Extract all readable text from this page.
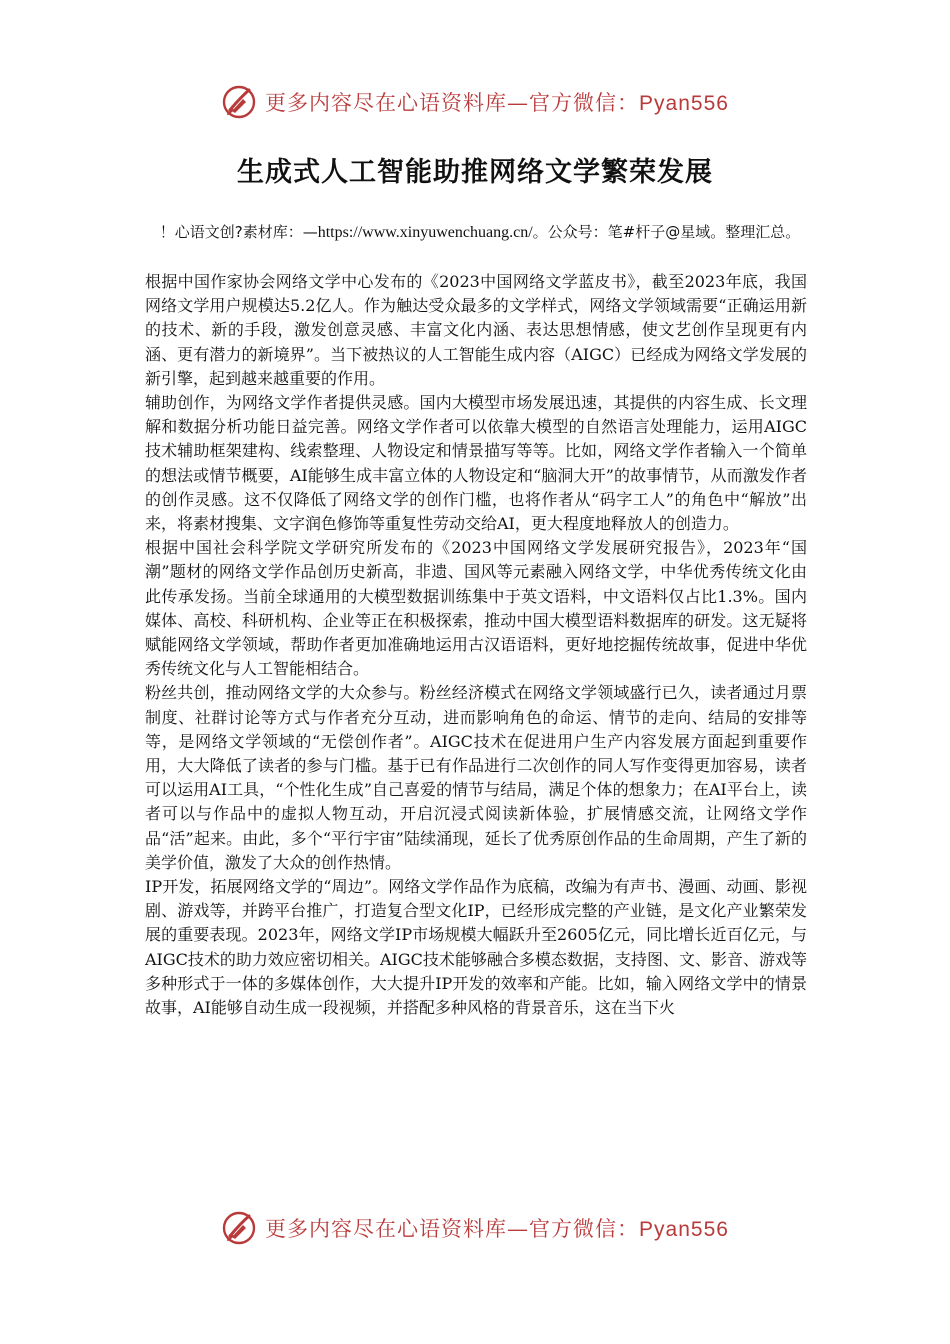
更多内容尽在心语资料库—官方微信：Pyan556
生成式人工智能助推网络文学繁荣发展
！心语文创?素材库：—https://www.xinyuwenchuang.cn/。公众号：笔#杆子@星域。整理汇总。

根据中国作家协会网络文学中心发布的《2023中国网络文学蓝皮书》，截至2023年底，我国网络文学用户规模达5.2亿人。作为触达受众最多的文学样式，网络文学领域需要“正确运用新的技术、新的手段，激发创意灵感、丰富文化内涵、表达思想情感，使文艺创作呈现更有内涵、更有潜力的新境界”。当下被热议的人工智能生成内容（AIGC）已经成为网络文学发展的新引擎，起到越来越重要的作用。

辅助创作，为网络文学作者提供灵感。国内大模型市场发展迅速，其提供的内容生成、长文理解和数据分析功能日益完善。网络文学作者可以依靠大模型的自然语言处理能力，运用AIGC技术辅助框架建构、线索整理、人物设定和情景描写等等。比如，网络文学作者输入一个简单的想法或情节概要，AI能够生成丰富立体的人物设定和“脑洞大开”的故事情节，从而激发作者的创作灵感。这不仅降低了网络文学的创作门槛，也将作者从“码字工人”的角色中“解放”出来，将素材搜集、文字润色修饰等重复性劳动交给AI，更大程度地释放人的创造力。

根据中国社会科学院文学研究所发布的《2023中国网络文学发展研究报告》，2023年“国潮”题材的网络文学作品创历史新高，非遗、国风等元素融入网络文学，中华优秀传统文化由此传承发扬。当前全球通用的大模型数据训练集中于英文语料，中文语料仅占比1.3%。国内媒体、高校、科研机构、企业等正在积极探索，推动中国大模型语料数据库的研发。这无疑将赋能网络文学领域，帮助作者更加准确地运用古汉语语料，更好地挖掘传统故事，促进中华优秀传统文化与人工智能相结合。

粉丝共创，推动网络文学的大众参与。粉丝经济模式在网络文学领域盛行已久，读者通过月票制度、社群讨论等方式与作者充分互动，进而影响角色的命运、情节的走向、结局的安排等等，是网络文学领域的“无偿创作者”。AIGC技术在促进用户生产内容发展方面起到重要作用，大大降低了读者的参与门槛。基于已有作品进行二次创作的同人写作变得更加容易，读者可以运用AI工具，“个性化生成”自己喜爱的情节与结局，满足个体的想象力；在AI平台上，读者可以与作品中的虚拟人物互动，开启沉浸式阅读新体验，扩展情感交流，让网络文学作品“活”起来。由此，多个“平行宇宙”陆续涌现，延长了优秀原创作品的生命周期，产生了新的美学价值，激发了大众的创作热情。

IP开发，拓展网络文学的“周边”。网络文学作品作为底稿，改编为有声书、漫画、动画、影视剧、游戏等，并跨平台推广，打造复合型文化IP，已经形成完整的产业链，是文化产业繁荣发展的重要表现。2023年，网络文学IP市场规模大幅跃升至2605亿元，同比增长近百亿元，与AIGC技术的助力效应密切相关。AIGC技术能够融合多模态数据，支持图、文、影音、游戏等多种形式于一体的多媒体创作，大大提升IP开发的效率和产能。比如，输入网络文学中的情景故事，AI能够自动生成一段视频，并搭配多种风格的背景音乐，这在当下火

更多内容尽在心语资料库—官方微信：Pyan556
